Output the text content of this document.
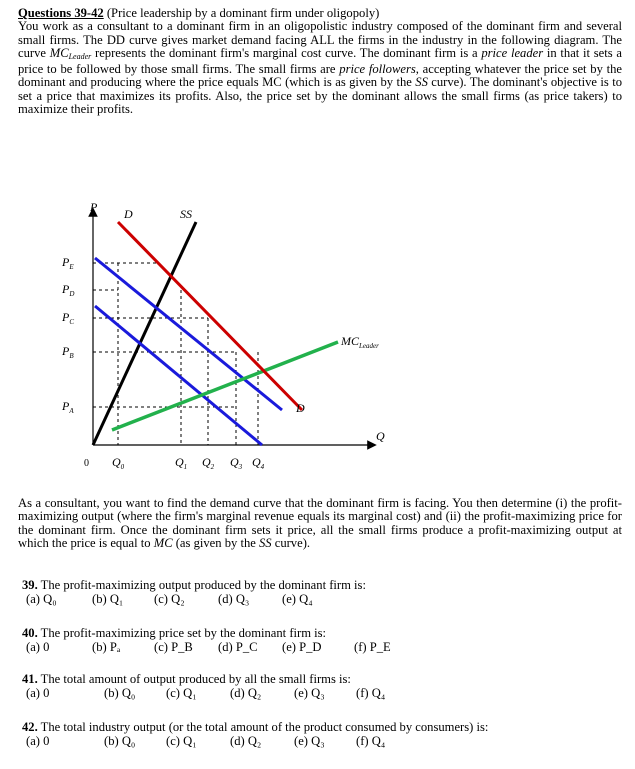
Questions 39-42 (Price leadership by a dominant firm under oligopoly)
You work as a consultant to a dominant firm in an oligopolistic industry composed of the dominant firm and several small firms. The DD curve gives market demand facing ALL the firms in the industry in the following diagram. The curve $MC_{Leader}$ represents the dominant firm's marginal cost curve. The dominant firm is a price leader in that it sets a price to be followed by those small firms. The small firms are price followers, accepting whatever the price set by the dominant and producing where the price equals MC (which is as given by the SS curve). The dominant's objective is to set a price that maximizes its profits. Also, the price set by the dominant allows the small firms (as price takers) to maximize their profits.
P
Q
0
D
D
SS
$MC_{Leader}$
$P_E$
$P_D$
$P_C$
$P_B$
$P_A$
$Q_0$	$Q_1$ $Q_2$ $Q_3$ $Q_4$
As a consultant, you want to find the demand curve that the dominant firm is facing. You then determine (i) the profit-maximizing output (where the firm's marginal revenue equals its marginal cost) and (ii) the profit-maximizing price for the dominant firm. Once the dominant firm sets it price, all the small firms produce a profit-maximizing output at which the price is equal to MC (as given by the SS curve).
39. The profit-maximizing output produced by the dominant firm is:
(a) Q₀	(b) Q₁ (c) Q₂	(d) Q₃	(e) Q₄
40. The profit-maximizing price set by the dominant firm is:
(a) 0	(b) Pₐ	(c) P_B (d) P_C (e) P_D	(f) P_E
41. The total amount of output produced by all the small firms is:
(a) 0	(b) Q₀ (c) Q₁	(d) Q₂	(e) Q₃ (f) Q₄
42. The total industry output (or the total amount of the product consumed by consumers) is:
(a) 0	(b) Q₀ (c) Q₁	(d) Q₂	(e) Q₃ (f) Q₄
